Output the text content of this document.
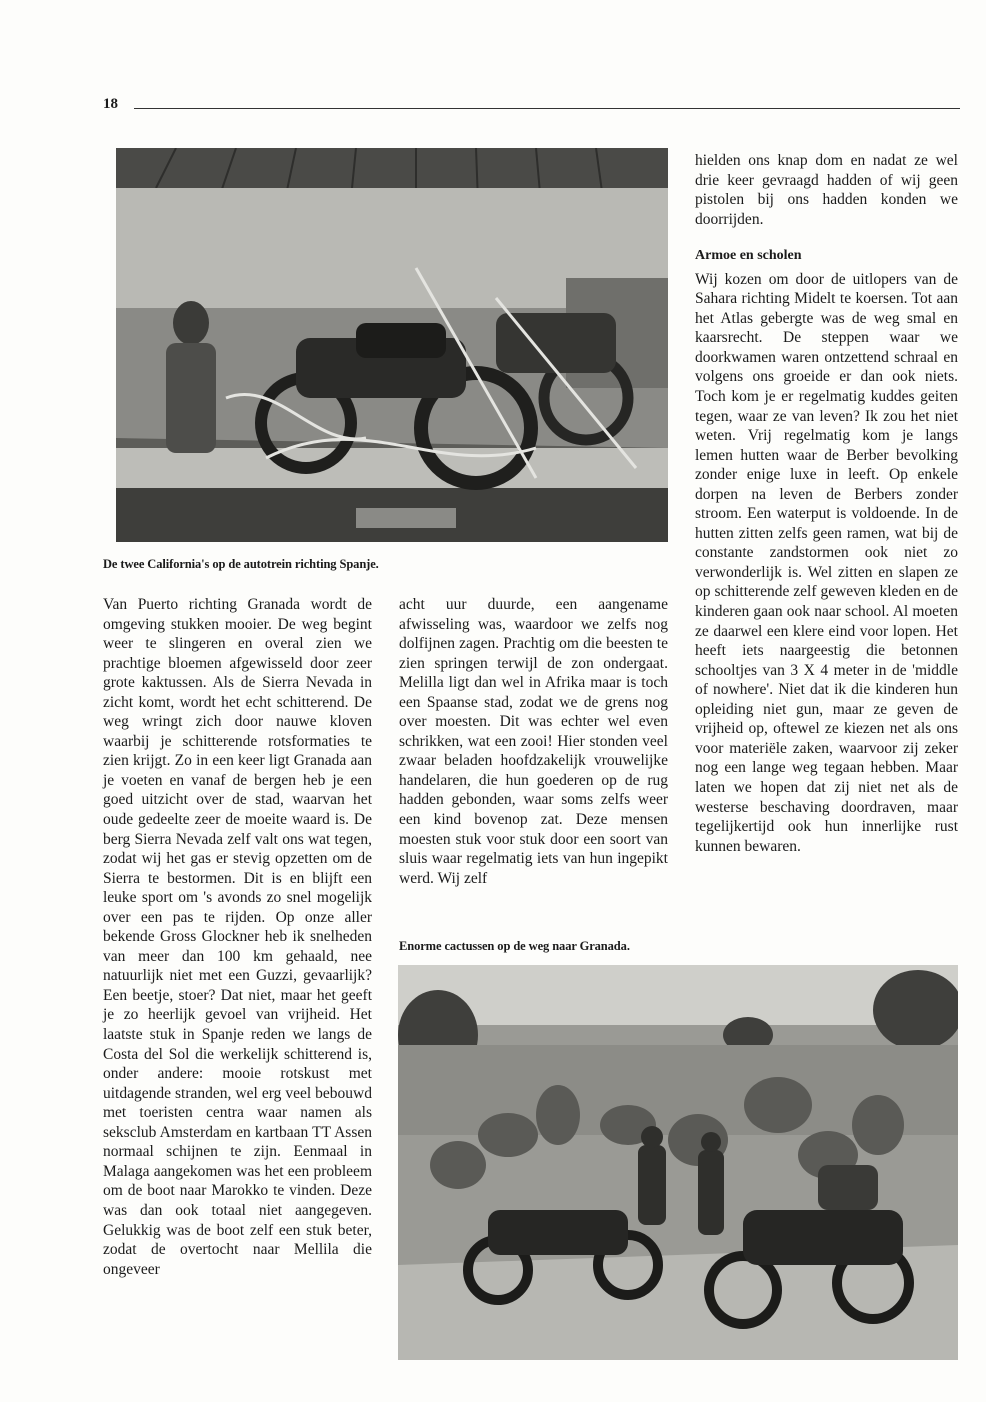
18
De twee California's op de autotrein richting Spanje.

Van Puerto richting Granada wordt de omgeving stukken mooier. De weg begint weer te slingeren en overal zien we prachtige bloemen afgewisseld door zeer grote kaktussen. Als de Sierra Nevada in zicht komt, wordt het echt schitterend. De weg wringt zich door nauwe kloven waarbij je schitterende rotsformaties te zien krijgt. Zo in een keer ligt Granada aan je voeten en vanaf de bergen heb je een goed uitzicht over de stad, waarvan het oude gedeelte zeer de moeite waard is. De berg Sierra Nevada zelf valt ons wat tegen, zodat wij het gas er stevig opzetten om de Sierra te bestormen. Dit is en blijft een leuke sport om 's avonds zo snel mogelijk over een pas te rijden. Op onze aller bekende Gross Glockner heb ik snelheden van meer dan 100 km gehaald, nee natuurlijk niet met een Guzzi, gevaarlijk? Een beetje, stoer? Dat niet, maar het geeft je zo heerlijk gevoel van vrijheid. Het laatste stuk in Spanje reden we langs de Costa del Sol die werkelijk schitterend is, onder andere: mooie rotskust met uitdagende stranden, wel erg veel bebouwd met toeristen centra waar namen als seksclub Amsterdam en kartbaan TT Assen normaal schijnen te zijn. Eenmaal in Malaga aangekomen was het een probleem om de boot naar Marokko te vinden. Deze was dan ook totaal niet aangegeven. Gelukkig was de boot zelf een stuk beter, zodat de overtocht naar Mellila die ongeveer

acht uur duurde, een aangename afwisseling was, waardoor we zelfs nog dolfijnen zagen. Prachtig om die beesten te zien springen terwijl de zon ondergaat. Melilla ligt dan wel in Afrika maar is toch een Spaanse stad, zodat we de grens nog over moesten. Dit was echter wel even schrikken, wat een zooi! Hier stonden veel zwaar beladen hoofdzakelijk vrouwelijke handelaren, die hun goederen op de rug hadden gebonden, waar soms zelfs weer een kind bovenop zat. Deze mensen moesten stuk voor stuk door een soort van sluis waar regelmatig iets van hun ingepikt werd. Wij zelf

hielden ons knap dom en nadat ze wel drie keer gevraagd hadden of wij geen pistolen bij ons hadden konden we doorrijden.

Armoe en scholen

Wij kozen om door de uitlopers van de Sahara richting Midelt te koersen. Tot aan het Atlas gebergte was de weg smal en kaarsrecht. De steppen waar we doorkwamen waren ontzettend schraal en volgens ons groeide er dan ook niets. Toch kom je er regelmatig kuddes geiten tegen, waar ze van leven? Ik zou het niet weten. Vrij regelmatig kom je langs lemen hutten waar de Berber bevolking zonder enige luxe in leeft. Op enkele dorpen na leven de Berbers zonder stroom. Een waterput is voldoende. In de hutten zitten zelfs geen ramen, wat bij de constante zandstormen ook niet zo verwonderlijk is. Wel zitten en slapen ze op schitterende zelf geweven kleden en de kinderen gaan ook naar school. Al moeten ze daarwel een klere eind voor lopen. Het heeft iets naargeestig die betonnen schooltjes van 3 X 4 meter in de 'middle of nowhere'. Niet dat ik die kinderen hun opleiding niet gun, maar ze geven de vrijheid op, oftewel ze kiezen net als ons voor materiële zaken, waarvoor zij zeker nog een lange weg tegaan hebben. Maar laten we hopen dat zij niet net als de westerse beschaving doordraven, maar tegelijkertijd ook hun innerlijke rust kunnen bewaren.

Enorme cactussen op de weg naar Granada.
